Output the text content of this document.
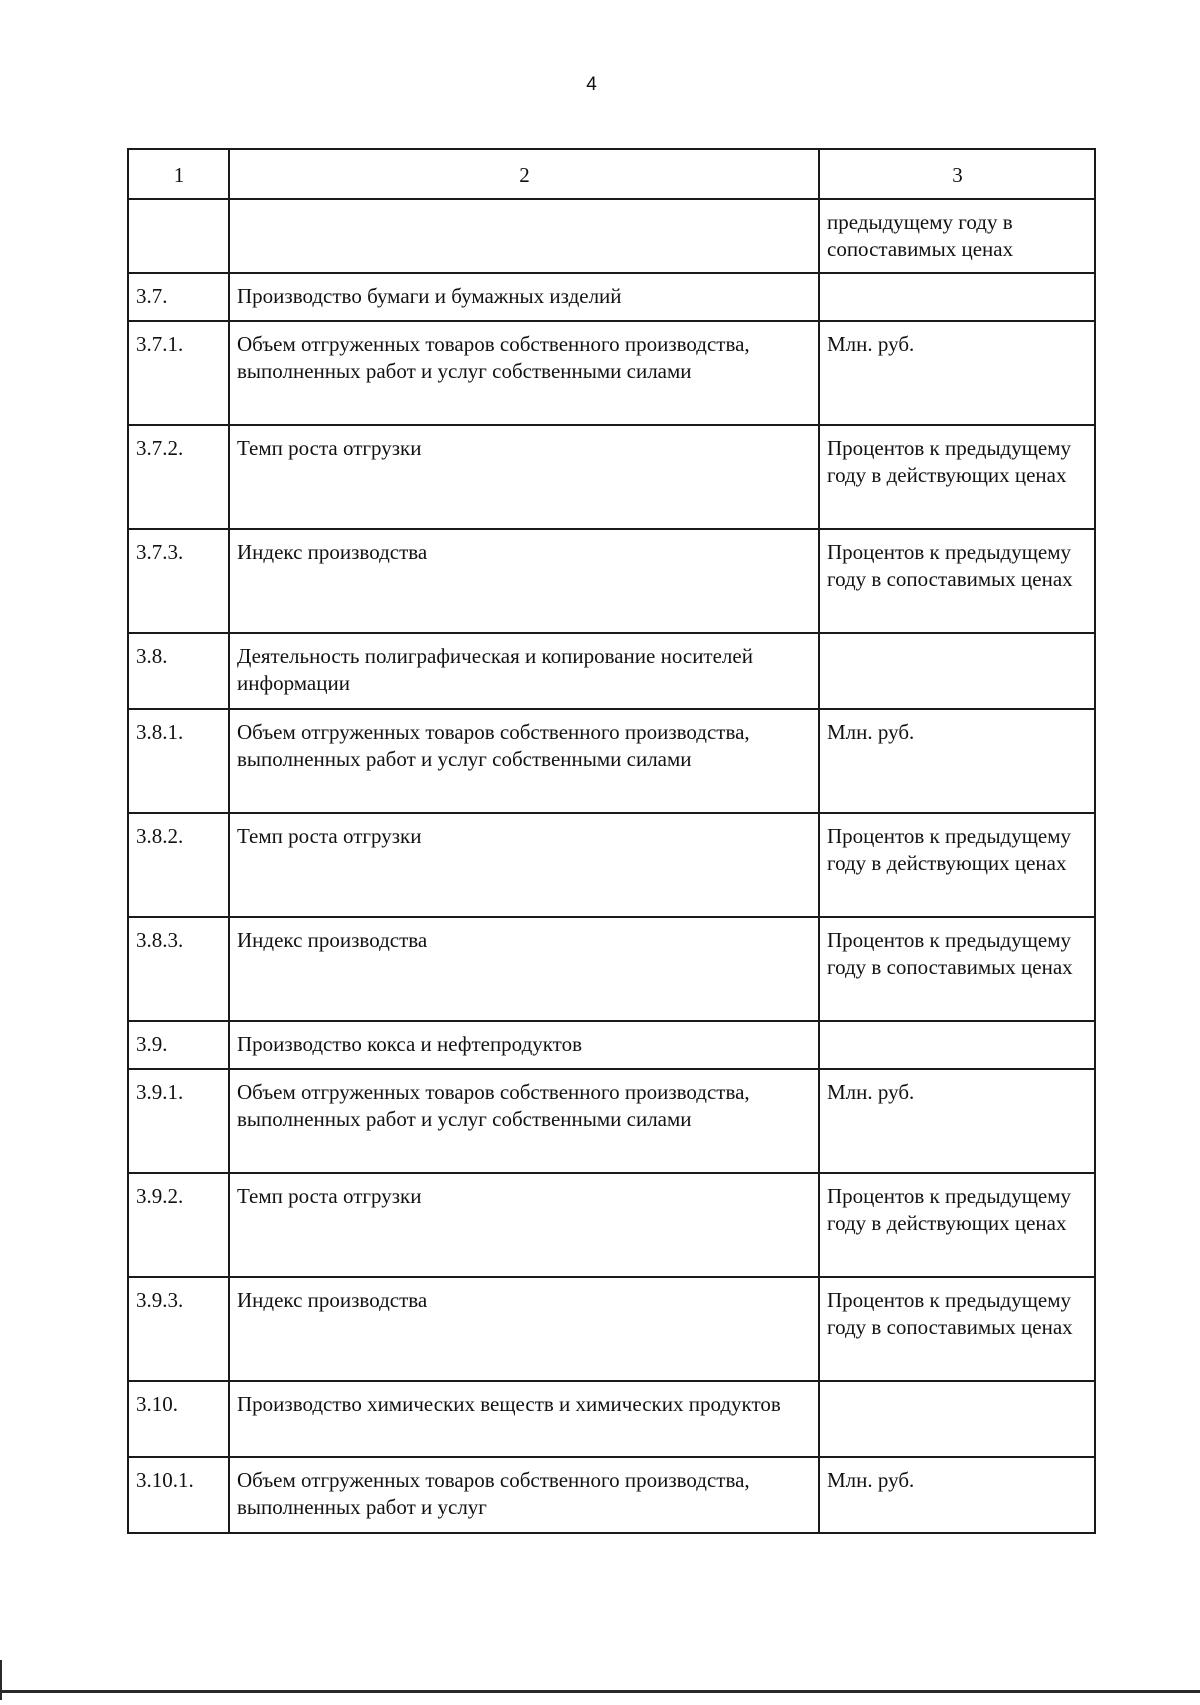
4
1	2	3
		предыдущему году в сопоставимых ценах
3.7.	Производство бумаги и бумажных изделий	
3.7.1.	Объем отгруженных товаров собственного производства, выполненных работ и услуг собственными силами	Млн. руб.
3.7.2.	Темп роста отгрузки	Процентов к предыдущему году в действующих ценах
3.7.3.	Индекс производства	Процентов к предыдущему году в сопоставимых ценах
3.8.	Деятельность полиграфическая и копирование носителей информации	
3.8.1.	Объем отгруженных товаров собственного производства, выполненных работ и услуг собственными силами	Млн. руб.
3.8.2.	Темп роста отгрузки	Процентов к предыдущему году в действующих ценах
3.8.3.	Индекс производства	Процентов к предыдущему году в сопоставимых ценах
3.9.	Производство кокса и нефтепродуктов	
3.9.1.	Объем отгруженных товаров собственного производства, выполненных работ и услуг собственными силами	Млн. руб.
3.9.2.	Темп роста отгрузки	Процентов к предыдущему году в действующих ценах
3.9.3.	Индекс производства	Процентов к предыдущему году в сопоставимых ценах
3.10.	Производство химических веществ и химических продуктов	
3.10.1.	Объем отгруженных товаров собственного производства, выполненных работ и услуг	Млн. руб.
